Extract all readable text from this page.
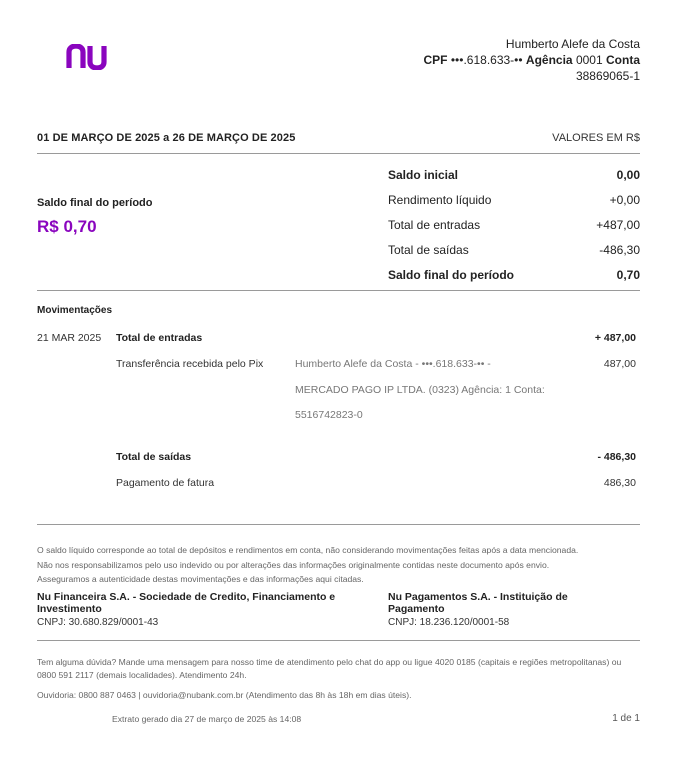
Humberto Alefe da Costa
CPF •••.618.633-•• Agência 0001 Conta
38869065-1
01 DE MARÇO DE 2025 a 26 DE MARÇO DE 2025	VALORES EM R$
Saldo final do período
R$ 0,70
Saldo inicial	0,00
Rendimento líquido	+0,00
Total de entradas	+487,00
Total de saídas	-486,30
Saldo final do período	0,70
Movimentações
21 MAR 2025 Total de entradas	+ 487,00
Transferência recebida pelo Pix	Humberto Alefe da Costa - •••.618.633-•• -	487,00
MERCADO PAGO IP LTDA. (0323) Agência: 1 Conta:
5516742823-0
Total de saídas	- 486,30
Pagamento de fatura	486,30
O saldo líquido corresponde ao total de depósitos e rendimentos em conta, não considerando movimentações feitas após a data mencionada.
Não nos responsabilizamos pelo uso indevido ou por alterações das informações originalmente contidas neste documento após envio.
Asseguramos a autenticidade destas movimentações e das informações aqui citadas.
Nu Financeira S.A. - Sociedade de Credito, Financiamento e Investimento
CNPJ: 30.680.829/0001-43
Nu Pagamentos S.A. - Instituição de Pagamento
CNPJ: 18.236.120/0001-58
Tem alguma dúvida? Mande uma mensagem para nosso time de atendimento pelo chat do app ou ligue 4020 0185 (capitais e regiões metropolitanas) ou 0800 591 2117 (demais localidades). Atendimento 24h.
Ouvidoria: 0800 887 0463 | ouvidoria@nubank.com.br (Atendimento das 8h às 18h em dias úteis).
Extrato gerado dia 27 de março de 2025 às 14:08	1 de 1
